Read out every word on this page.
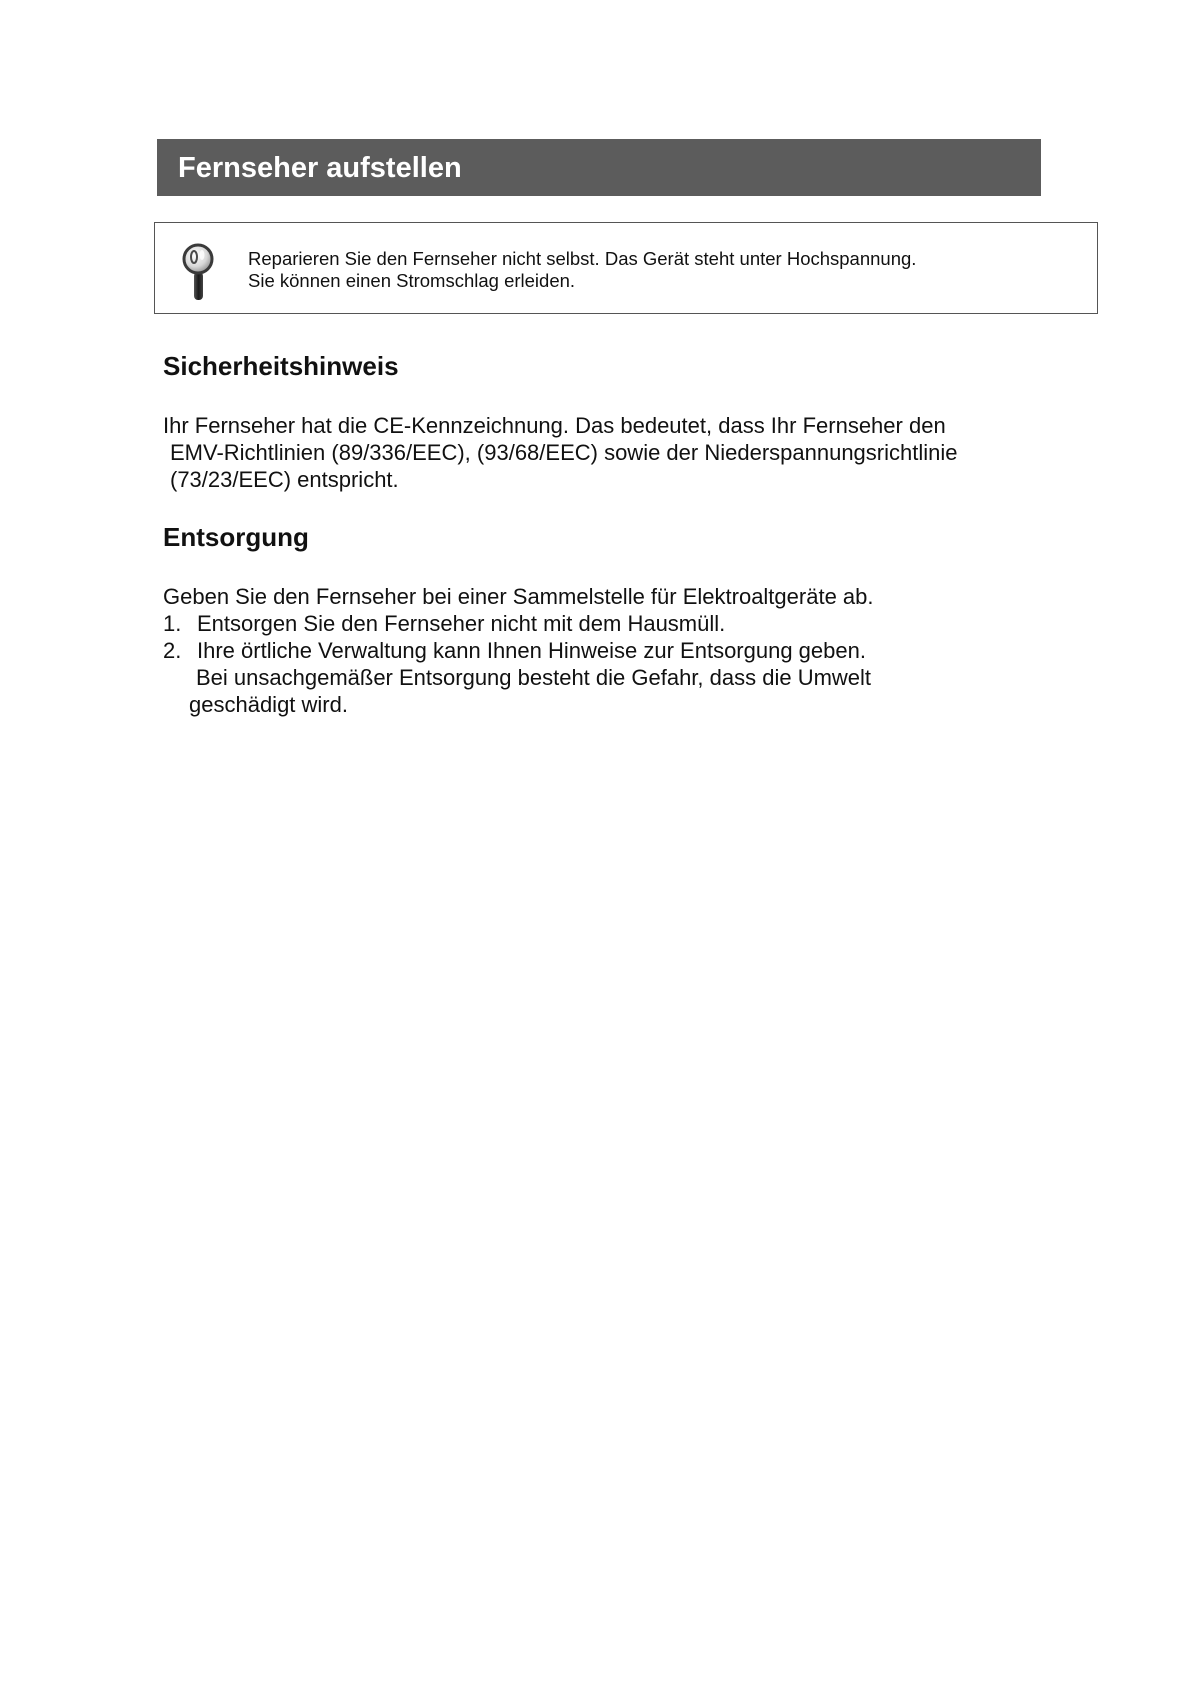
Fernseher aufstellen
Reparieren Sie den Fernseher nicht selbst. Das Gerät steht unter Hochspannung.
Sie können einen Stromschlag erleiden.
Sicherheitshinweis
Ihr Fernseher hat die CE-Kennzeichnung. Das bedeutet, dass Ihr Fernseher den
EMV-Richtlinien (89/336/EEC), (93/68/EEC) sowie der Niederspannungsrichtlinie
(73/23/EEC) entspricht.
Entsorgung
Geben Sie den Fernseher bei einer Sammelstelle für Elektroaltgeräte ab.
1. Entsorgen Sie den Fernseher nicht mit dem Hausmüll.
2. Ihre örtliche Verwaltung kann Ihnen Hinweise zur Entsorgung geben.
Bei unsachgemäßer Entsorgung besteht die Gefahr, dass die Umwelt
geschädigt wird.
